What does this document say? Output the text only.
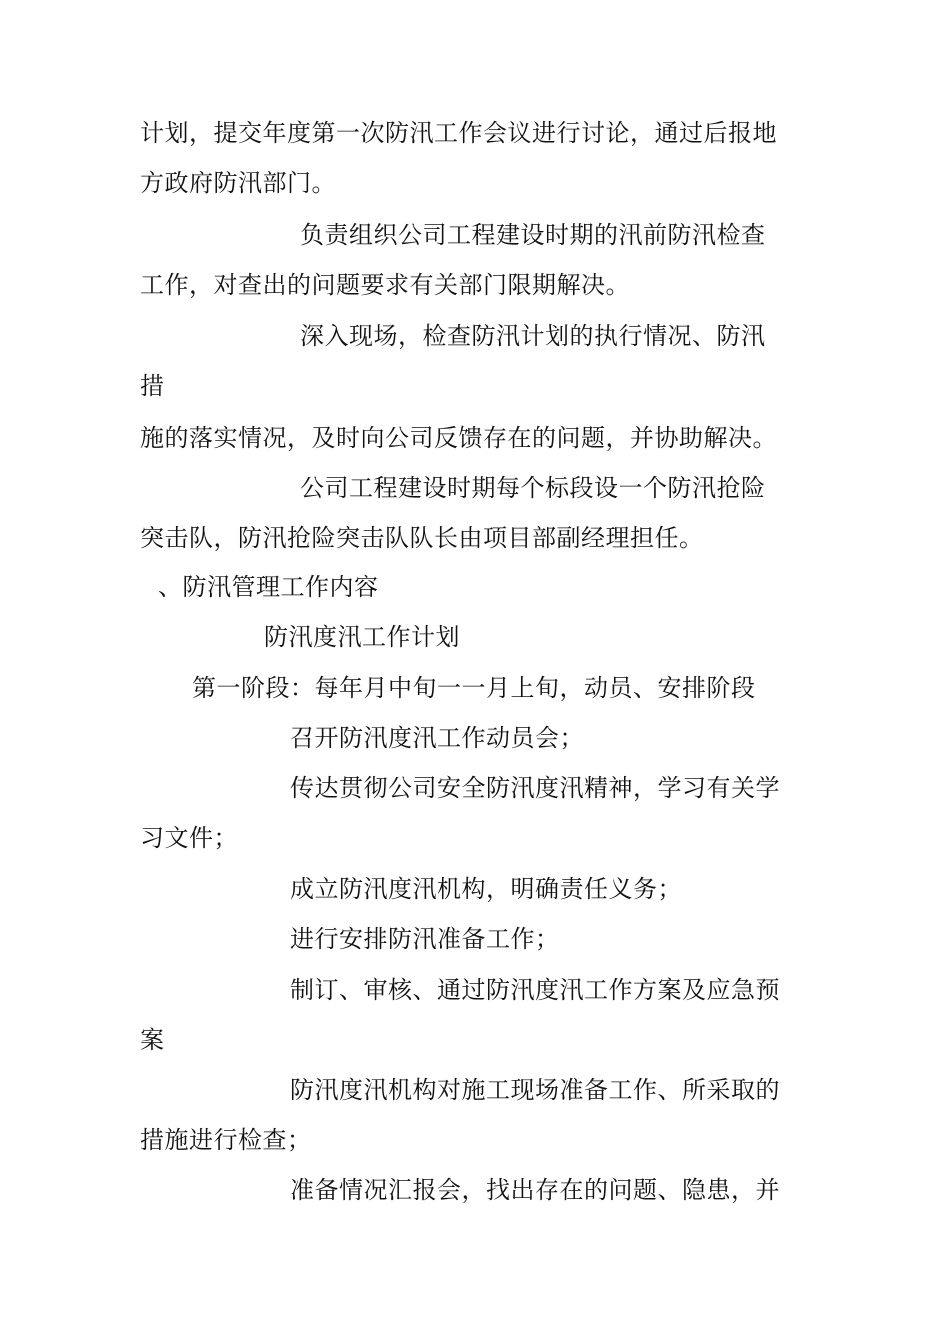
计划，提交年度第一次防汛工作会议进行讨论，通过后报地
方政府防汛部门。
负责组织公司工程建设时期的汛前防汛检查
工作，对查出的问题要求有关部门限期解决。
深入现场，检查防汛计划的执行情况、防汛
措
施的落实情况，及时向公司反馈存在的问题，并协助解决。
公司工程建设时期每个标段设一个防汛抢险
突击队，防汛抢险突击队队长由项目部副经理担任。
、防汛管理工作内容
防汛度汛工作计划
第一阶段：每年月中旬一一月上旬，动员、安排阶段
召开防汛度汛工作动员会；
传达贯彻公司安全防汛度汛精神，学习有关学
习文件；
成立防汛度汛机构，明确责任义务；
进行安排防汛准备工作；
制订、审核、通过防汛度汛工作方案及应急预
案
防汛度汛机构对施工现场准备工作、所采取的
措施进行检查；
准备情况汇报会，找出存在的问题、隐患，并
